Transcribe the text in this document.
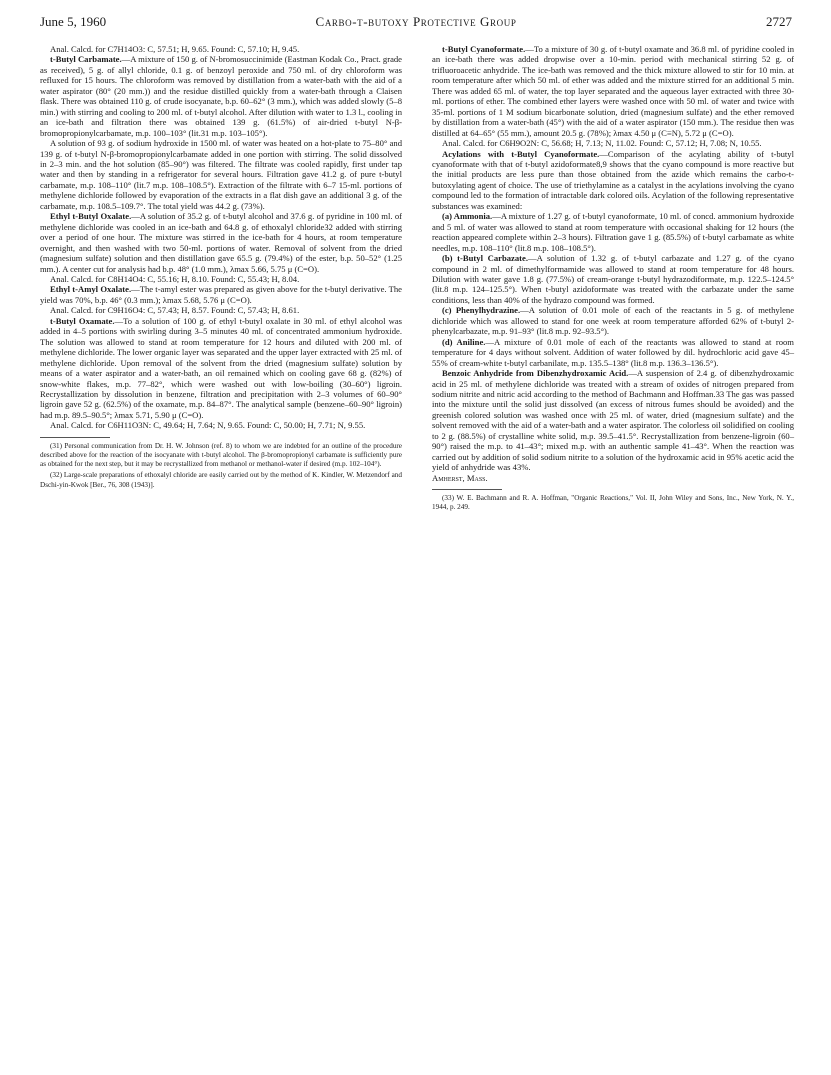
June 5, 1960	Carbo-t-butoxy Protective Group	2727

Anal. Calcd. for C7H14O3: C, 57.51; H, 9.65. Found: C, 57.10; H, 9.45.

t-Butyl Carbamate.—A mixture of 150 g. of N-bromosuccinimide (Eastman Kodak Co., Pract. grade as received), 5 g. of allyl chloride, 0.1 g. of benzoyl peroxide and 750 ml. of dry chloroform was refluxed for 15 hours. The chloroform was removed by distillation from a water-bath with the aid of a water aspirator (80° (20 mm.)) and the residue distilled quickly from a water-bath through a Claisen flask. There was obtained 110 g. of crude isocyanate, b.p. 60–62° (3 mm.), which was added slowly (5–8 min.) with stirring and cooling to 200 ml. of t-butyl alcohol. After dilution with water to 1.3 l., cooling in an ice-bath and filtration there was obtained 139 g. (61.5%) of air-dried t-butyl N-β-bromopropionylcarbamate, m.p. 100–103° (lit.31 m.p. 103–105°).

A solution of 93 g. of sodium hydroxide in 1500 ml. of water was heated on a hot-plate to 75–80° and 139 g. of t-butyl N-β-bromopropionylcarbamate added in one portion with stirring. The solid dissolved in 2–3 min. and the hot solution (85–90°) was filtered. The filtrate was cooled rapidly, first under tap water and then by standing in a refrigerator for several hours. Filtration gave 41.2 g. of pure t-butyl carbamate, m.p. 108–110° (lit.7 m.p. 108–108.5°). Extraction of the filtrate with 6–7 15-ml. portions of methylene dichloride followed by evaporation of the extracts in a flat dish gave an additional 3 g. of the carbamate, m.p. 108.5–109.7°. The total yield was 44.2 g. (73%).

Ethyl t-Butyl Oxalate.—A solution of 35.2 g. of t-butyl alcohol and 37.6 g. of pyridine in 100 ml. of methylene dichloride was cooled in an ice-bath and 64.8 g. of ethoxalyl chloride32 added with stirring over a period of one hour. The mixture was stirred in the ice-bath for 4 hours, at room temperature overnight, and then washed with two 50-ml. portions of water. Removal of solvent from the dried (magnesium sulfate) solution and then distillation gave 65.5 g. (79.4%) of the ester, b.p. 50–52° (1.25 mm.). A center cut for analysis had b.p. 48° (1.0 mm.), λmax 5.66, 5.75 μ (C=O).

Anal. Calcd. for C8H14O4: C, 55.16; H, 8.10. Found: C, 55.43; H, 8.04.

Ethyl t-Amyl Oxalate.—The t-amyl ester was prepared as given above for the t-butyl derivative. The yield was 70%, b.p. 46° (0.3 mm.); λmax 5.68, 5.76 μ (C=O).

Anal. Calcd. for C9H16O4: C, 57.43; H, 8.57. Found: C, 57.43; H, 8.61.

t-Butyl Oxamate.—To a solution of 100 g. of ethyl t-butyl oxalate in 30 ml. of ethyl alcohol was added in 4–5 portions with swirling during 3–5 minutes 40 ml. of concentrated ammonium hydroxide. The solution was allowed to stand at room temperature for 12 hours and diluted with 200 ml. of methylene dichloride. The lower organic layer was separated and the upper layer extracted with 25 ml. of methylene dichloride. Upon removal of the solvent from the dried (magnesium sulfate) solution by means of a water aspirator and a water-bath, an oil remained which on cooling gave 68 g. (82%) of snow-white flakes, m.p. 77–82°, which were washed out with low-boiling (30–60°) ligroin. Recrystallization by dissolution in benzene, filtration and precipitation with 2–3 volumes of 60–90° ligroin gave 52 g. (62.5%) of the oxamate, m.p. 84–87°. The analytical sample (benzene–60–90° ligroin) had m.p. 89.5–90.5°; λmax 5.71, 5.90 μ (C=O).

Anal. Calcd. for C6H11O3N: C, 49.64; H, 7.64; N, 9.65. Found: C, 50.00; H, 7.71; N, 9.55.

(31) Personal communication from Dr. H. W. Johnson (ref. 8) to whom we are indebted for an outline of the procedure described above for the reaction of the isocyanate with t-butyl alcohol. The β-bromopropionyl carbamate is sufficiently pure as obtained for the next step, but it may be recrystallized from methanol or methanol-water if desired (m.p. 102–104°).

(32) Large-scale preparations of ethoxalyl chloride are easily carried out by the method of K. Kindler, W. Metzendorf and Dschi-yin-Kwok [Ber., 76, 308 (1943)].

t-Butyl Cyanoformate.—To a mixture of 30 g. of t-butyl oxamate and 36.8 ml. of pyridine cooled in an ice-bath there was added dropwise over a 10-min. period with mechanical stirring 52 g. of trifluoroacetic anhydride. The ice-bath was removed and the thick mixture allowed to stir for 10 min. at room temperature after which 50 ml. of ether was added and the mixture stirred for an additional 5 min. There was added 65 ml. of water, the top layer separated and the aqueous layer extracted with three 30-ml. portions of ether. The combined ether layers were washed once with 50 ml. of water and twice with 35-ml. portions of 1 M sodium bicarbonate solution, dried (magnesium sulfate) and the ether removed by distillation from a water-bath (45°) with the aid of a water aspirator (150 mm.). The residue then was distilled at 64–65° (55 mm.), amount 20.5 g. (78%); λmax 4.50 μ (C≡N), 5.72 μ (C=O).

Anal. Calcd. for C6H9O2N: C, 56.68; H, 7.13; N, 11.02. Found: C, 57.12; H, 7.08; N, 10.55.

Acylations with t-Butyl Cyanoformate.—Comparison of the acylating ability of t-butyl cyanoformate with that of t-butyl azidoformate8,9 shows that the cyano compound is more reactive but the initial products are less pure than those obtained from the azide which remains the carbo-t-butoxylating agent of choice. The use of triethylamine as a catalyst in the acylations involving the cyano compound led to the formation of intractable dark colored oils. Acylation of the following representative substances was examined:

(a) Ammonia.—A mixture of 1.27 g. of t-butyl cyanoformate, 10 ml. of concd. ammonium hydroxide and 5 ml. of water was allowed to stand at room temperature with occasional shaking for 12 hours (the reaction appeared complete within 2–3 hours). Filtration gave 1 g. (85.5%) of t-butyl carbamate as white needles, m.p. 108–110° (lit.8 m.p. 108–108.5°).

(b) t-Butyl Carbazate.—A solution of 1.32 g. of t-butyl carbazate and 1.27 g. of the cyano compound in 2 ml. of dimethylformamide was allowed to stand at room temperature for 48 hours. Dilution with water gave 1.8 g. (77.5%) of cream-orange t-butyl hydrazodiformate, m.p. 122.5–124.5° (lit.8 m.p. 124–125.5°). When t-butyl azidoformate was treated with the carbazate under the same conditions, less than 40% of the hydrazo compound was formed.

(c) Phenylhydrazine.—A solution of 0.01 mole of each of the reactants in 5 g. of methylene dichloride which was allowed to stand for one week at room temperature afforded 62% of t-butyl 2-phenylcarbazate, m.p. 91–93° (lit.8 m.p. 92–93.5°).

(d) Aniline.—A mixture of 0.01 mole of each of the reactants was allowed to stand at room temperature for 4 days without solvent. Addition of water followed by dil. hydrochloric acid gave 45–55% of cream-white t-butyl carbanilate, m.p. 135.5–138° (lit.8 m.p. 136.3–136.5°).

Benzoic Anhydride from Dibenzhydroxamic Acid.—A suspension of 2.4 g. of dibenzhydroxamic acid in 25 ml. of methylene dichloride was treated with a stream of oxides of nitrogen prepared from sodium nitrite and nitric acid according to the method of Bachmann and Hoffman.33 The gas was passed into the mixture until the solid just dissolved (an excess of nitrous fumes should be avoided) and the greenish colored solution was washed once with 25 ml. of water, dried (magnesium sulfate) and the solvent removed with the aid of a water-bath and a water aspirator. The colorless oil solidified on cooling to 2 g. (88.5%) of crystalline white solid, m.p. 39.5–41.5°. Recrystallization from benzene-ligroin (60–90°) raised the m.p. to 41–43°; mixed m.p. with an authentic sample 41–43°. When the reaction was carried out by addition of solid sodium nitrite to a solution of the hydroxamic acid in 95% acetic acid the yield of anhydride was 43%.

Amherst, Mass.

(33) W. E. Bachmann and R. A. Hoffman, "Organic Reactions," Vol. II, John Wiley and Sons, Inc., New York, N. Y., 1944, p. 249.
